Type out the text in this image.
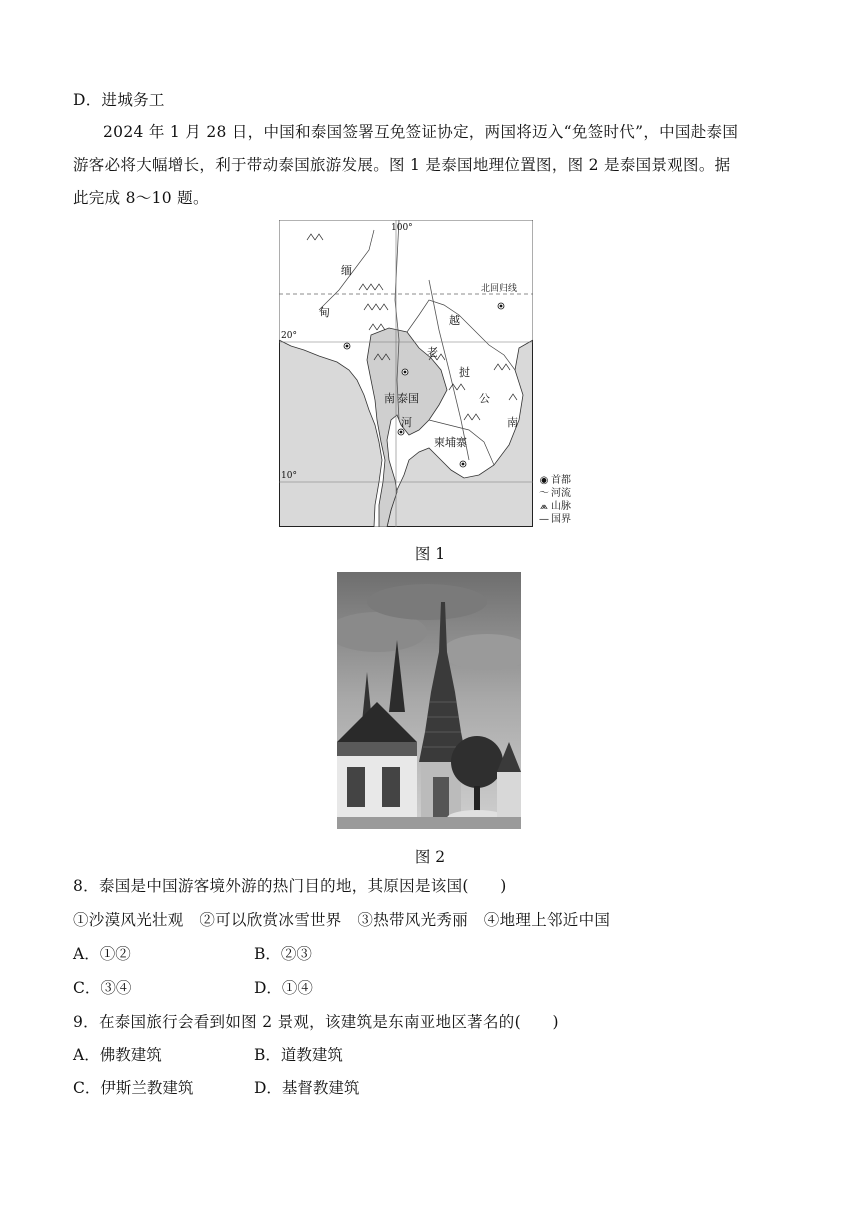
D．进城务工
2024 年 1 月 28 日，中国和泰国签署互免签证协定，两国将迈入“免签时代”，中国赴泰国
游客必将大幅增长，利于带动泰国旅游发展。图 1 是泰国地理位置图，图 2 是泰国景观图。据
此完成 8～10 题。
100°
20°
10°
北回归线
缅
甸
越
老
挝
泰国	公
南
河
柬埔寨
南
◉ 首都
〜 河流
⩕ 山脉
— 国界
图 1
图 2
8．泰国是中国游客境外游的热门目的地，其原因是该国(　　)
①沙漠风光壮观　②可以欣赏冰雪世界　③热带风光秀丽　④地理上邻近中国
A．①②	B．②③
C．③④	D．①④
9．在泰国旅行会看到如图 2 景观，该建筑是东南亚地区著名的(　　)
A．佛教建筑	B．道教建筑
C．伊斯兰教建筑	D．基督教建筑
